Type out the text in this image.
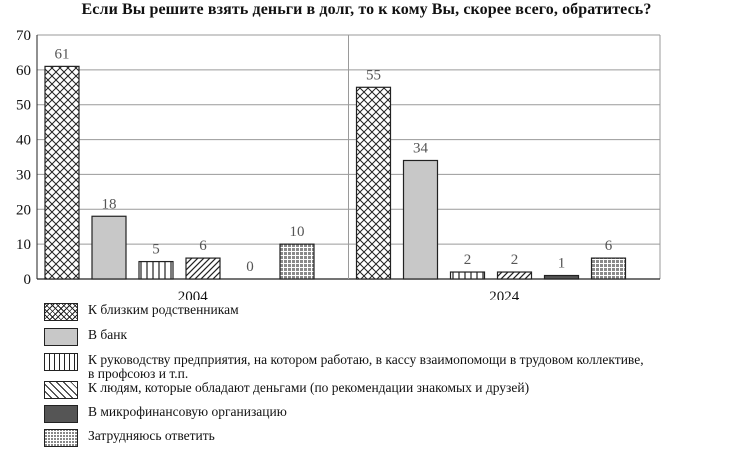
Если Вы решите взять деньги в долг, то к кому Вы, скорее всего, обратитесь?
0
10
20
30
40
50
60
70
61
18
5	6
0
10
2004
55
34
2	2	1
6
2024
К близким родственникам
В банк
К руководству предприятия, на котором работаю, в кассу взаимопомощи в трудовом коллективе,
в профсоюз и т.п.
К людям, которые обладают деньгами (по рекомендации знакомых и друзей)
В микрофинансовую организацию
Затрудняюсь ответить
